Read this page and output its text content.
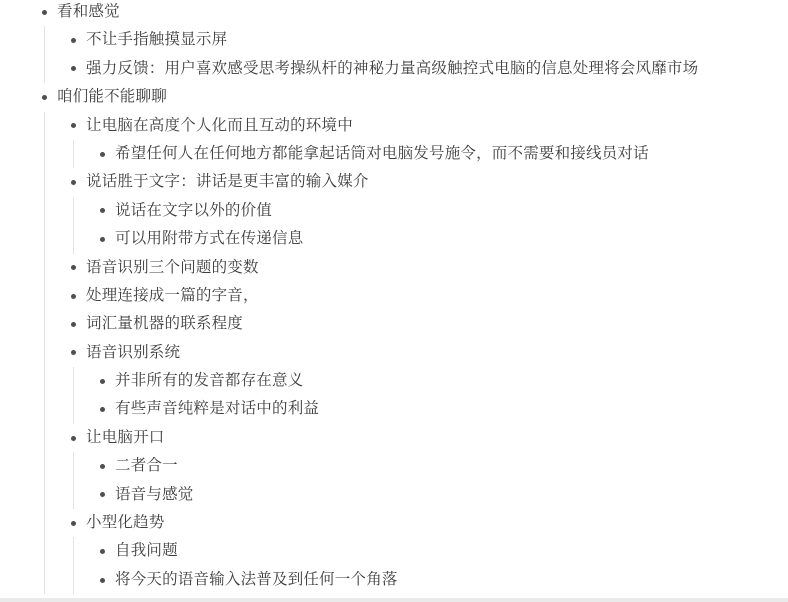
看和感觉
不让手指触摸显示屏
强力反馈：用户喜欢感受思考操纵杆的神秘力量高级触控式电脑的信息处理将会风靡市场
咱们能不能聊聊
让电脑在高度个人化而且互动的环境中
希望任何人在任何地方都能拿起话筒对电脑发号施令，而不需要和接线员对话
说话胜于文字：讲话是更丰富的输入媒介
说话在文字以外的价值
可以用附带方式在传递信息
语音识别三个问题的变数
处理连接成一篇的字音，
词汇量机器的联系程度
语音识别系统
并非所有的发音都存在意义
有些声音纯粹是对话中的利益
让电脑开口
二者合一
语音与感觉
小型化趋势
自我问题
将今天的语音输入法普及到任何一个角落
